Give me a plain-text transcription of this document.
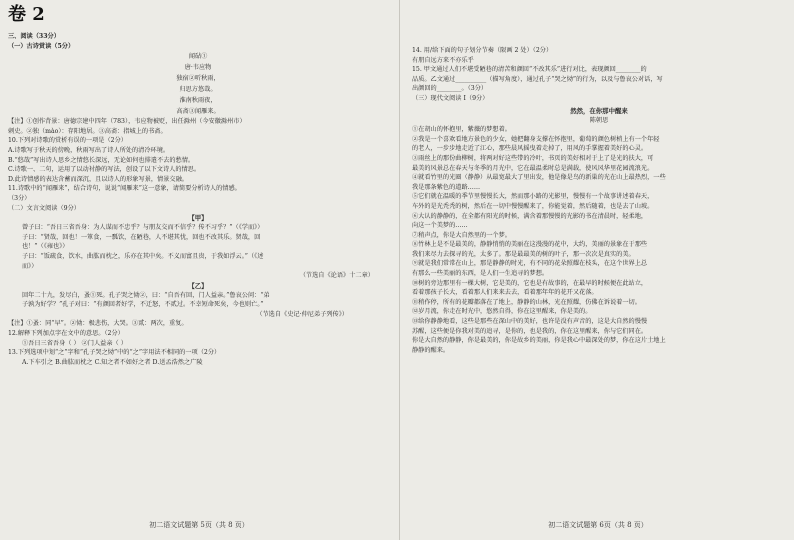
卷 2
三、阅读（33分）
（一）古诗赏读（5分）
闻砧①
唐·韦应物
独宿②听秋雨，
归思方悠哉。
淮南秋雨夜，
高斋③闻雁来。
【注】①创作背景：唐德宗建中四年（783），韦应物被贬，出任滁州（今安徽滁州市）
刺史。②独（mào）：存阳地居。③高斋：指城上的书斋。
10.下列对诗歌的赏析有误的一项是（2分）
A.诗歌写于秋天的傍晚，秋雨写出了诗人所处的清冷环境。
B.“悠哉”写出诗人思乡之情悠长深远，无论如何也排遣不去的愁情。
C.诗歌一、二句，运用了以动衬静的写法，创设了以下文诗人的情思。
D.此诗情感的表达含蓄而深沉，且以诗人的形象写景，情景交融。
11.诗歌中的“闻雁来”，结合诗句，说说“闻雁来”这一意象，请简要分析诗人的情感。
（3分）
（二）文言文阅读（9分）
【甲】
曾子曰：“吾日三省吾身：为人谋而不忠乎？与朋友交而不信乎？传不习乎？”（《学而》）
子曰：“贤哉，回也！一箪食，一瓢饮，在陋巷，人不堪其忧，回也不改其乐。贤哉，回
也！”（《雍也》）
子曰：“饭疏食，饮水，曲肱而枕之，乐亦在其中矣。不义而富且贵，于我如浮云。”（《述
而》）
（节选自《论语》十二章）
【乙】
回年二十九，发尽白，蚤①死。孔子哭之恸②，曰：“自吾有回，门人益亲。”鲁哀公问：“弟
子孰为好学？”孔子对曰：“有颜回者好学，不迁怒，不贰过。不幸短命死矣，今也则亡。”
（节选自《史记·仲尼弟子列传》）
【注】①蚤：同“早”。②恸：极悲伤，大哭。③贰：两次，重复。
12.解释下列加点字在文中的意思。（2分）
①吾日三省吾身（ ） ②门人益亲（ ）
13.下列选项中划“之”字和“孔子哭之恸”中的“之”字用法不相同的一项（2分）
A.下车引之 B.曲肱而枕之 C.知之者不如好之者 D.送孟浩然之广陵
初二语文试题第 5页（共 8 页）
14. 用/给下面的句子划分节奏（限画 2 处）（2分）
有朋自远方来不亦乐乎
15. 甲文通过人们不堪受陋巷的清苦和颜回“不改其乐”进行对比，表现颜回________的
品质。乙文通过__________（描写角度），通过孔子“哭之恸”的行为，以及与鲁哀公对话，写
出颜回的________。（3分）
（三）现代文阅读 Ⅰ（9分）
然然，在你那中醒来
陈朝思
①在胡山的怀抱里，紫薇的梦想着。
②我是一个喜欢看地方景色的少女，她把翻身支撑在怀抱里，葡萄的颜色树梢上有一个年轻
的老人，一步步地走近了江心，那些晨风摇曳着走掉了，用风的手掌握着美好的心灵。
③雨丝上的那份曲柳树，将两对好这些带的冷叶，书页的美好相对于上了是光的扶大，可
最美的风景总在春天与冬季的月光中，它在最温柔时总是满载，使风风华里花园流浪光。
④就看竹里的光圈（静静）从最宽最大了里出发，他是像是鸟的新巢的光在山上最热烈，一些
我是那条紫色的道路……
⑤它们就在温暖的季节里慢慢长大，然而那小路的光影里，慢慢有一个故事讲述着春天，
车外的是光秃秃的树，然后在一切中慢慢醒来了，你能觉着，然后随着，也是去了山坡。
⑥大认的静静的，在全都有阳光的时候，满含着那慢慢的光影的书在清晨时，轻柔地，
向这一个美梦的……
⑦稍声点，你是大自然里的一个梦。
⑧竹林上是不是最美的，静静悄悄的美丽在这漫漫的花中，大约，美丽的景象在于那些
我们来尽力去探寻的光，太多了。那是最最美的树的叶子，那一次次是真实的美。
⑨就是我们常常在山上，那是静静的时光，有不同的花朵照耀在枝头，在这个世界上总
有那么一些美丽的东西，是人们一生追寻的梦想。
⑩树的旁边那里有一棵大树，它是美的，它也是有故事的，在最早的时候便在此站立，
看着那孩子长大，看着那人们来来去去，看着那年年的花开又花落。
⑪稍作停，所有的花瓣都落在了地上，静静的山林，光在照耀，仿佛在诉说着一切。
⑫岁月流，你走在时光中，悠然自得，你在这里醒来，你是美的。
⑬给你静静地看，这些是那些在深山中的美好，也许是没有声音的，这是大自然的慢慢
苏醒，这些便是你我对美的追寻，是你的，也是我的，你在这里醒来，你与它们同在。
你是大自然的静静，你是最美的，你是故乡的美丽，你是我心中最深处的梦，你在这片土地上
静静的醒来。
初二语文试题第 6页（共 8 页）
